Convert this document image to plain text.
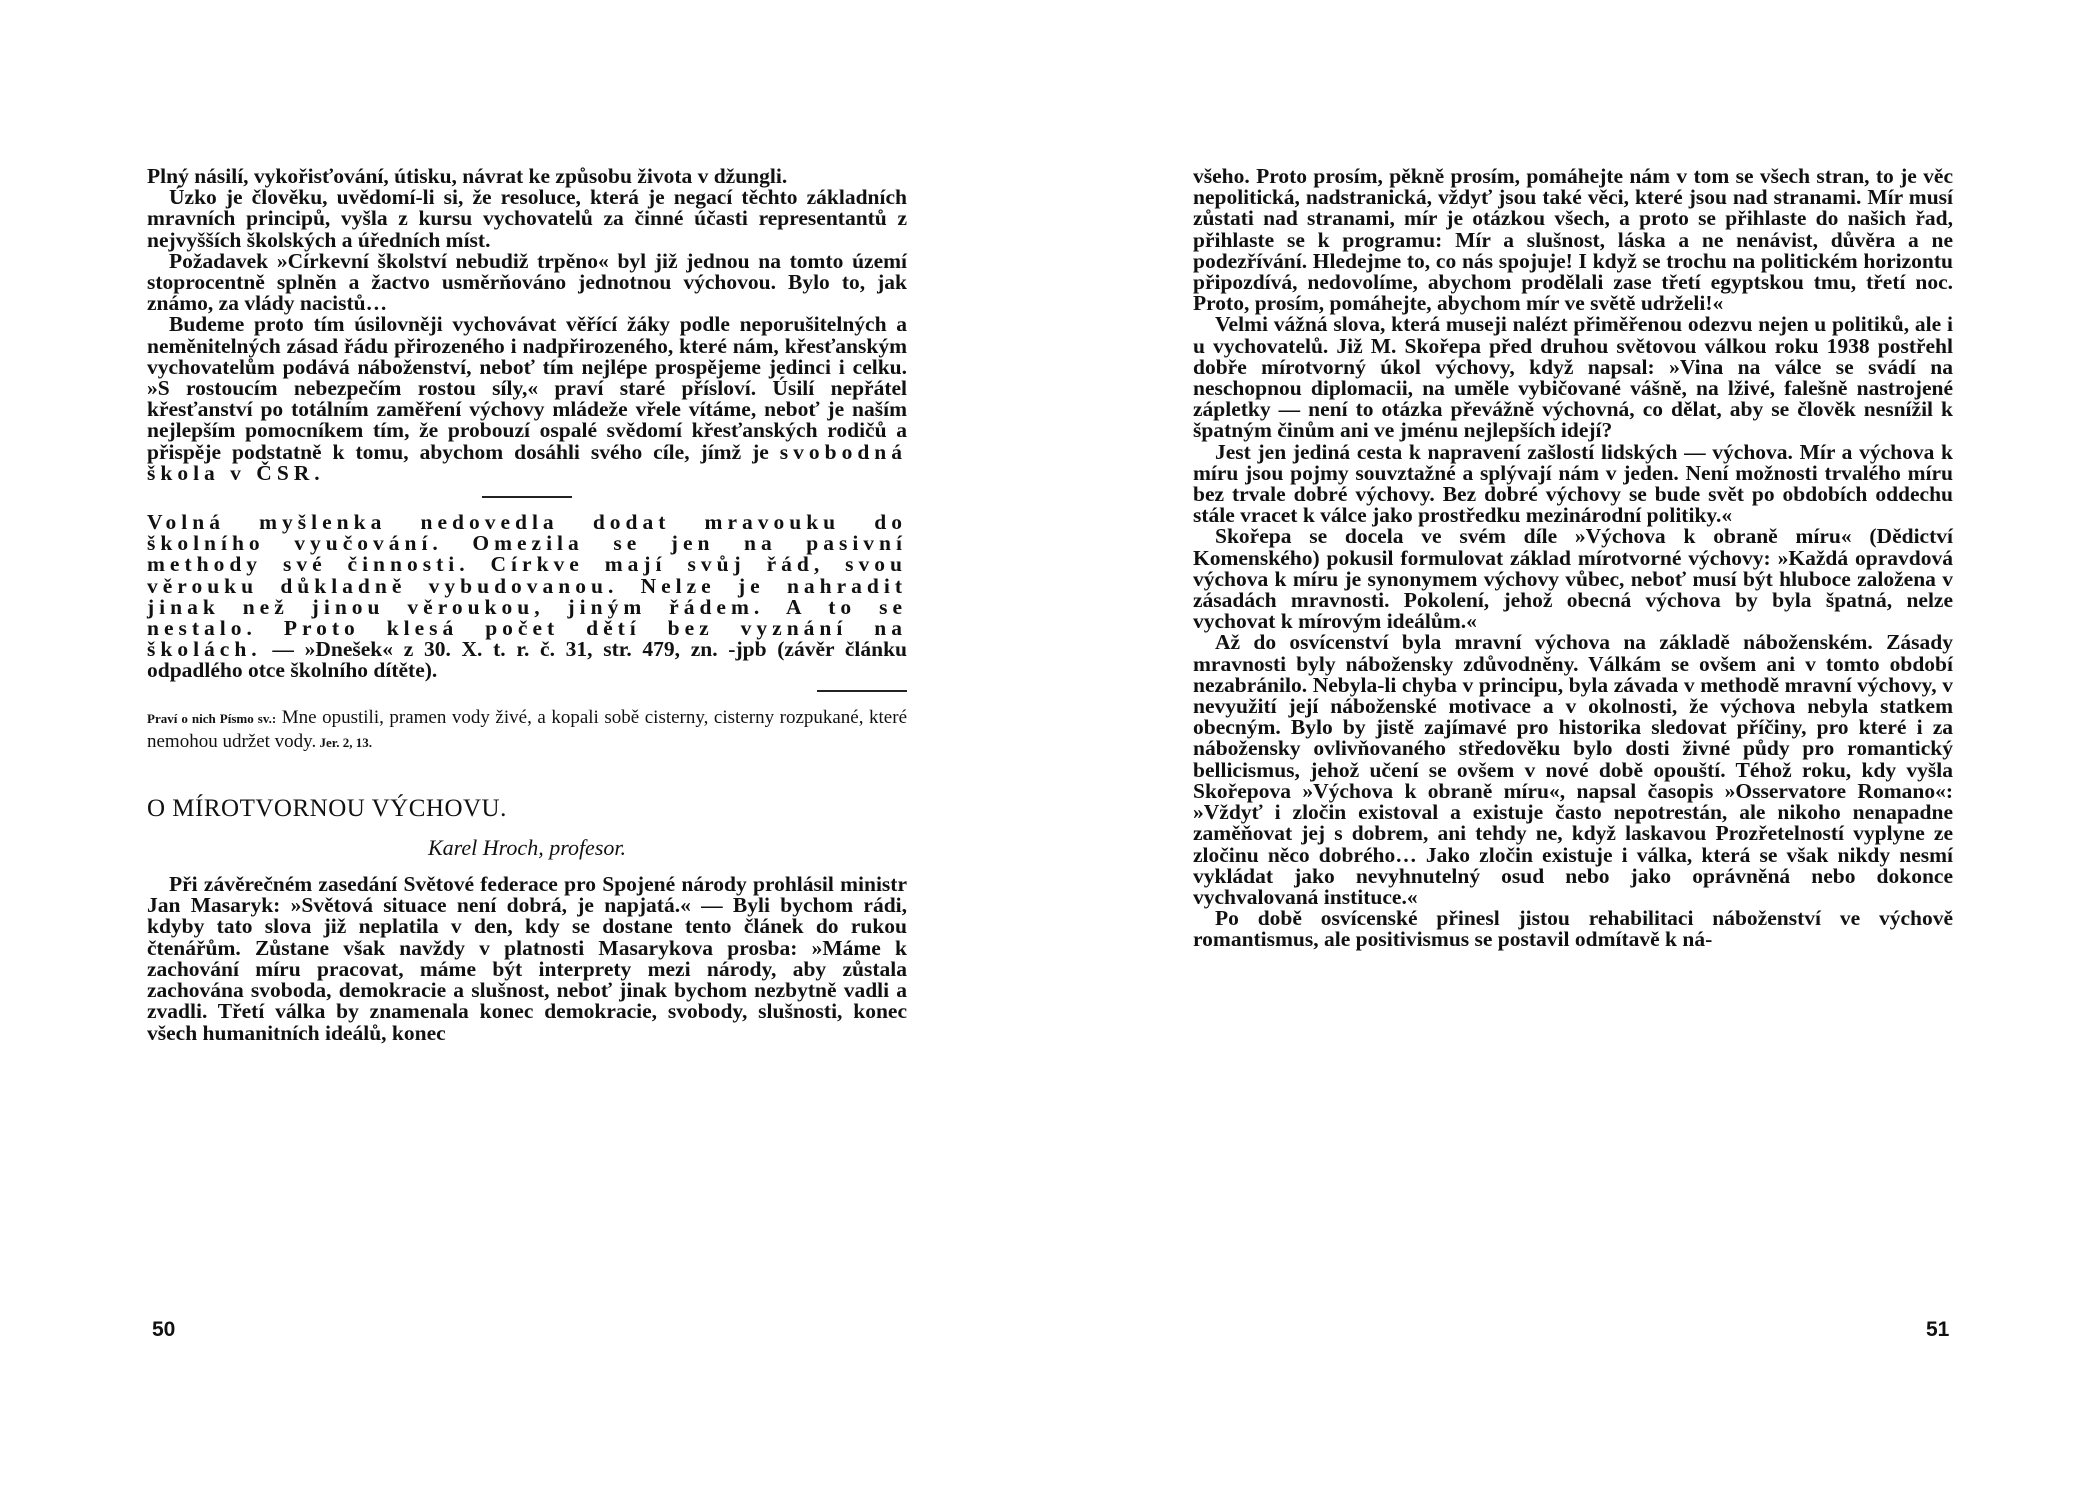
Plný násilí, vykořisťování, útisku, návrat ke způsobu života v džungli.

Úzko je člověku, uvědomí-li si, že resoluce, která je negací těchto základních mravních principů, vyšla z kursu vychovatelů za činné účasti representantů z nejvyšších školských a úředních míst.

Požadavek »Církevní školství nebudiž trpěno« byl již jednou na tomto území stoprocentně splněn a žactvo usměrňováno jednotnou výchovou. Bylo to, jak známo, za vlády nacistů…

Budeme proto tím úsilovněji vychovávat věřící žáky podle neporušitelných a neměnitelných zásad řádu přirozeného i nadpřirozeného, které nám, křesťanským vychovatelům podává náboženství, neboť tím nejlépe prospějeme jedinci i celku. »S rostoucím nebezpečím rostou síly,« praví staré přísloví. Úsilí nepřátel křesťanství po totálním zaměření výchovy mládeže vřele vítáme, neboť je naším nejlepším pomocníkem tím, že probouzí ospalé svědomí křesťanských rodičů a přispěje podstatně k tomu, abychom dosáhli svého cíle, jímž je svobodná škola v ČSR.

Volná myšlenka nedovedla dodat mravouku do školního vyučování. Omezila se jen na pasivní methody své činnosti. Církve mají svůj řád, svou věrouku důkladně vybudovanou. Nelze je nahradit jinak než jinou věroukou, jiným řádem. A to se nestalo. Proto klesá počet dětí bez vyznání na školách. — »Dnešek« z 30. X. t. r. č. 31, str. 479, zn. -jpb (závěr článku odpadlého otce školního dítěte).

Praví o nich Písmo sv.: Mne opustili, pramen vody živé, a kopali sobě cisterny, cisterny rozpukané, které nemohou udržet vody. Jer. 2, 13.

O MÍROTVORNOU VÝCHOVU.

Karel Hroch, profesor.

Při závěrečném zasedání Světové federace pro Spojené národy prohlásil ministr Jan Masaryk: »Světová situace není dobrá, je napjatá.« — Byli bychom rádi, kdyby tato slova již neplatila v den, kdy se dostane tento článek do rukou čtenářům. Zůstane však navždy v platnosti Masarykova prosba: »Máme k zachování míru pracovat, máme být interprety mezi národy, aby zůstala zachována svoboda, demokracie a slušnost, neboť jinak bychom nezbytně vadli a zvadli. Třetí válka by znamenala konec demokracie, svobody, slušnosti, konec všech humanitních ideálů, konec

50

všeho. Proto prosím, pěkně prosím, pomáhejte nám v tom se všech stran, to je věc nepolitická, nadstranická, vždyť jsou také věci, které jsou nad stranami. Mír musí zůstati nad stranami, mír je otázkou všech, a proto se přihlaste do našich řad, přihlaste se k programu: Mír a slušnost, láska a ne nenávist, důvěra a ne podezřívání. Hledejme to, co nás spojuje! I když se trochu na politickém horizontu připozdívá, nedovolíme, abychom prodělali zase třetí egyptskou tmu, třetí noc. Proto, prosím, pomáhejte, abychom mír ve světě udrželi!«

Velmi vážná slova, která museji nalézt přiměřenou odezvu nejen u politiků, ale i u vychovatelů. Již M. Skořepa před druhou světovou válkou roku 1938 postřehl dobře mírotvorný úkol výchovy, když napsal: »Vina na válce se svádí na neschopnou diplomacii, na uměle vybičované vášně, na lživé, falešně nastrojené zápletky — není to otázka převážně výchovná, co dělat, aby se člověk nesnížil k špatným činům ani ve jménu nejlepších idejí?

Jest jen jediná cesta k napravení zašlostí lidských — výchova. Mír a výchova k míru jsou pojmy souvztažné a splývají nám v jeden. Není možnosti trvalého míru bez trvale dobré výchovy. Bez dobré výchovy se bude svět po obdobích oddechu stále vracet k válce jako prostředku mezinárodní politiky.«

Skořepa se docela ve svém díle »Výchova k obraně míru« (Dědictví Komenského) pokusil formulovat základ mírotvorné výchovy: »Každá opravdová výchova k míru je synonymem výchovy vůbec, neboť musí být hluboce založena v zásadách mravnosti. Pokolení, jehož obecná výchova by byla špatná, nelze vychovat k mírovým ideálům.«

Až do osvícenství byla mravní výchova na základě náboženském. Zásady mravnosti byly nábožensky zdůvodněny. Válkám se ovšem ani v tomto období nezabránilo. Nebyla-li chyba v principu, byla závada v methodě mravní výchovy, v nevyužití její náboženské motivace a v okolnosti, že výchova nebyla statkem obecným. Bylo by jistě zajímavé pro historika sledovat příčiny, pro které i za nábožensky ovlivňovaného středověku bylo dosti živné půdy pro romantický bellicismus, jehož učení se ovšem v nové době opouští. Téhož roku, kdy vyšla Skořepova »Výchova k obraně míru«, napsal časopis »Osservatore Romano«: »Vždyť i zločin existoval a existuje často nepotrestán, ale nikoho nenapadne zaměňovat jej s dobrem, ani tehdy ne, když laskavou Prozřetelností vyplyne ze zločinu něco dobrého… Jako zločin existuje i válka, která se však nikdy nesmí vykládat jako nevyhnutelný osud nebo jako oprávněná nebo dokonce vychvalovaná instituce.«

Po době osvícenské přinesl jistou rehabilitaci náboženství ve výchově romantismus, ale positivismus se postavil odmítavě k ná-

51
